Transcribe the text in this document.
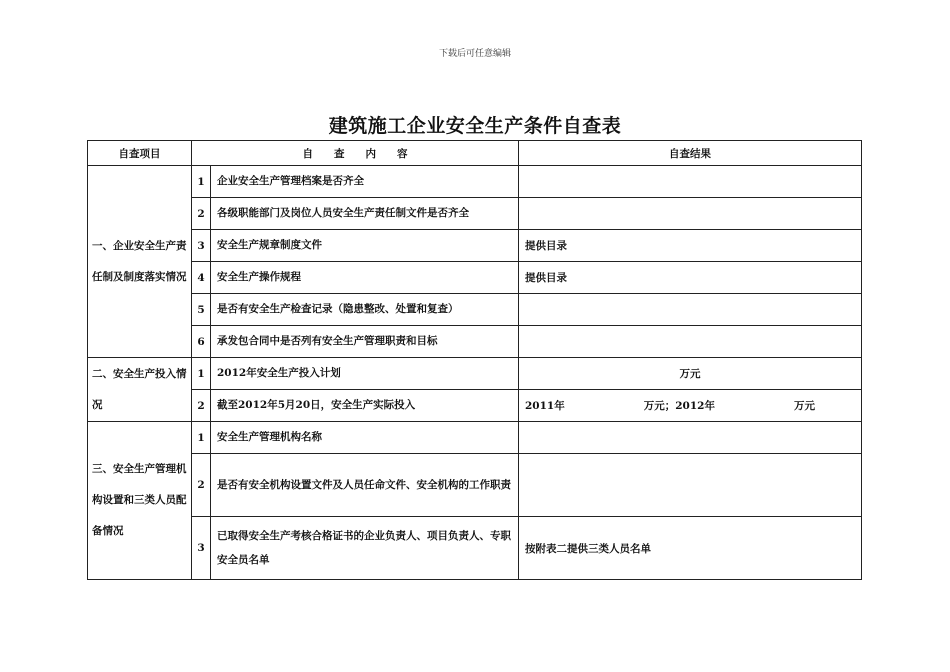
下载后可任意编辑
建筑施工企业安全生产条件自查表
自查项目	自　　查　　内　　容		自查结果
一、企业安全生产责任制及制度落实情况	1	企业安全生产管理档案是否齐全	
	2	各级职能部门及岗位人员安全生产责任制文件是否齐全	
	3	安全生产规章制度文件	提供目录
	4	安全生产操作规程	提供目录
	5	是否有安全生产检查记录（隐患整改、处置和复查）	
	6	承发包合同中是否列有安全生产管理职责和目标	
二、安全生产投入情况	1	2012年安全生产投入计划	万元
	2	截至2012年5月20日，安全生产实际投入	2011年 万元；2012年 万元

三、安全生产管理机构设置和三类人员配备情况	1	安全生产管理机构名称	
	2	是否有安全机构设置文件及人员任命文件、安全机构的工作职责	
	3	已取得安全生产考核合格证书的企业负责人、项目负责人、专职安全员名单	按附表二提供三类人员名单
